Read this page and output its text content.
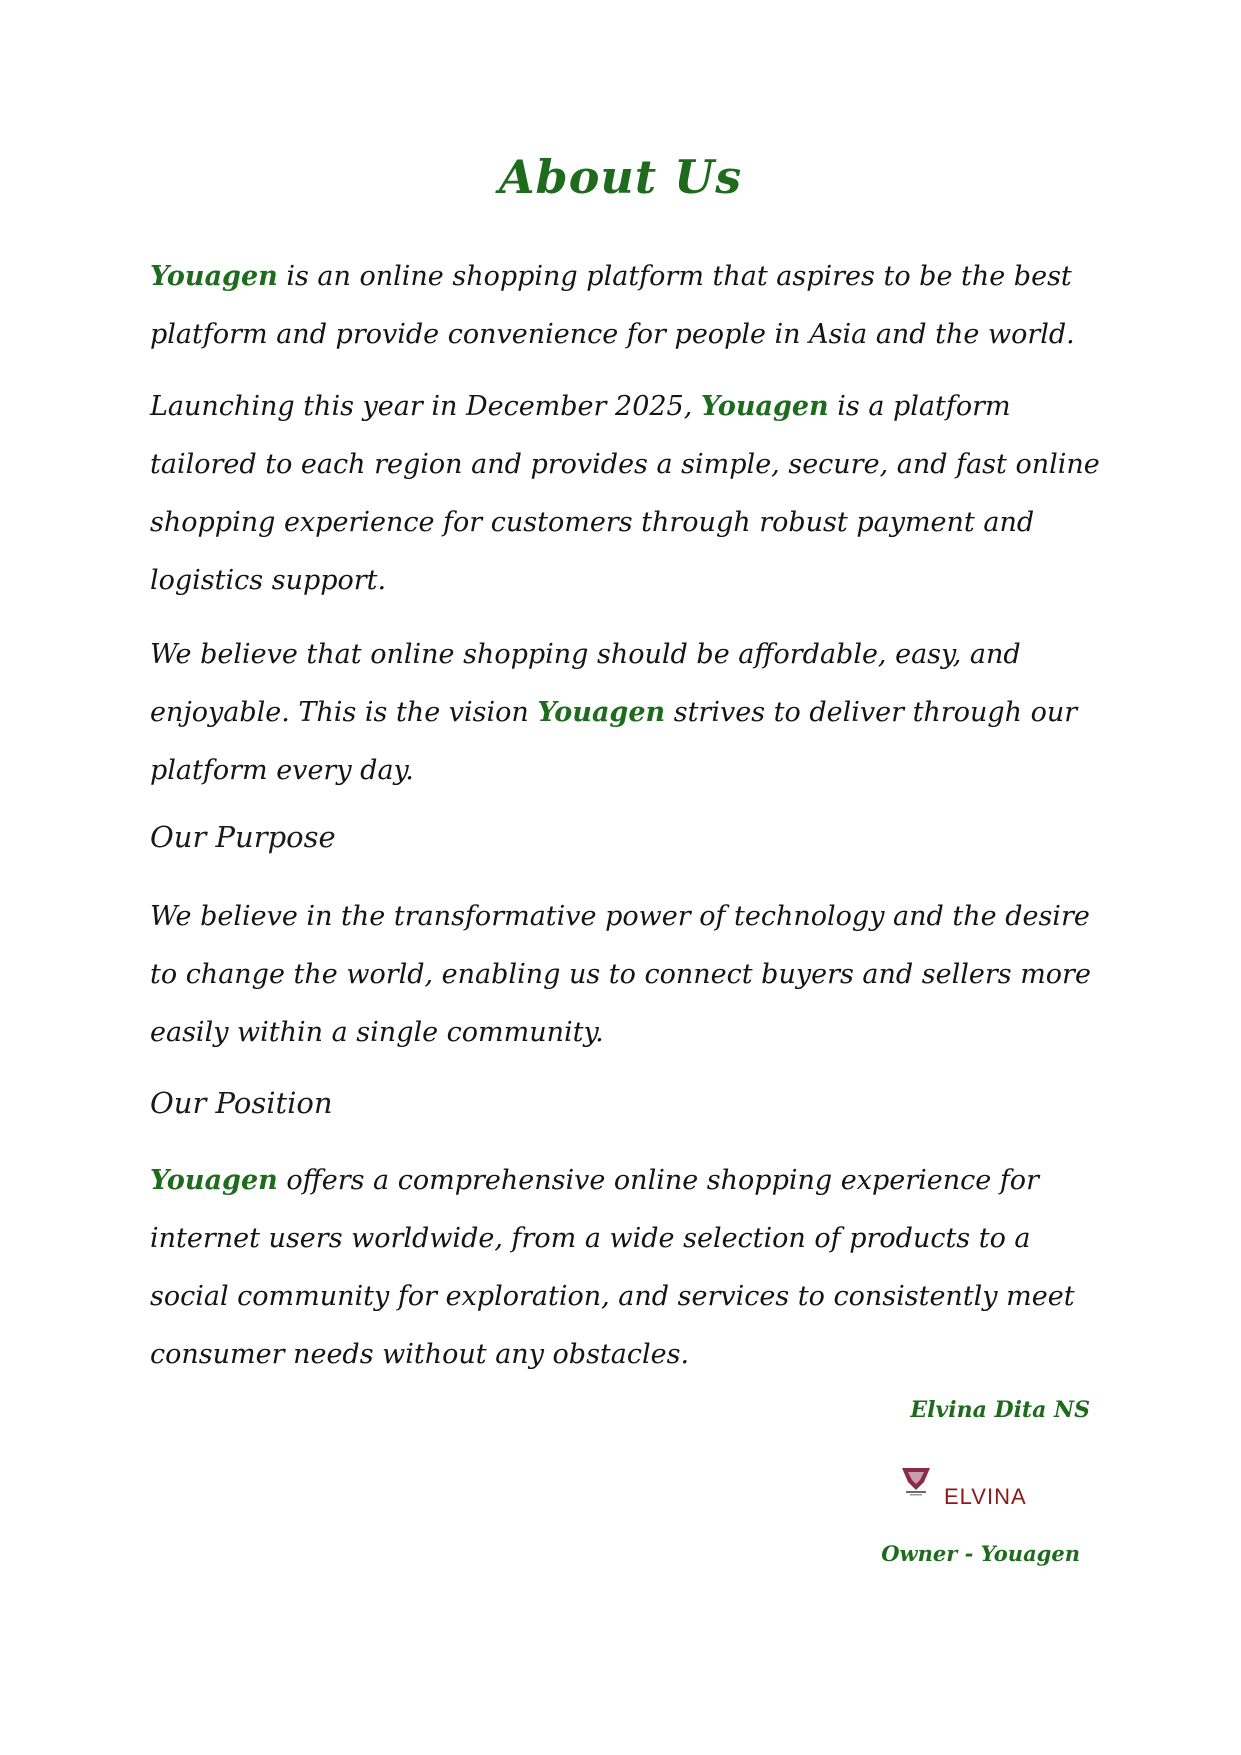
About Us
Youagen is an online shopping platform that aspires to be the best platform and provide convenience for people in Asia and the world.
Launching this year in December 2025, Youagen is a platform tailored to each region and provides a simple, secure, and fast online shopping experience for customers through robust payment and logistics support.
We believe that online shopping should be affordable, easy, and enjoyable. This is the vision Youagen strives to deliver through our platform every day.
Our Purpose
We believe in the transformative power of technology and the desire to change the world, enabling us to connect buyers and sellers more easily within a single community.
Our Position
Youagen offers a comprehensive online shopping experience for internet users worldwide, from a wide selection of products to a social community for exploration, and services to consistently meet consumer needs without any obstacles.
Elvina Dita NS
ELVINA
Owner - Youagen
